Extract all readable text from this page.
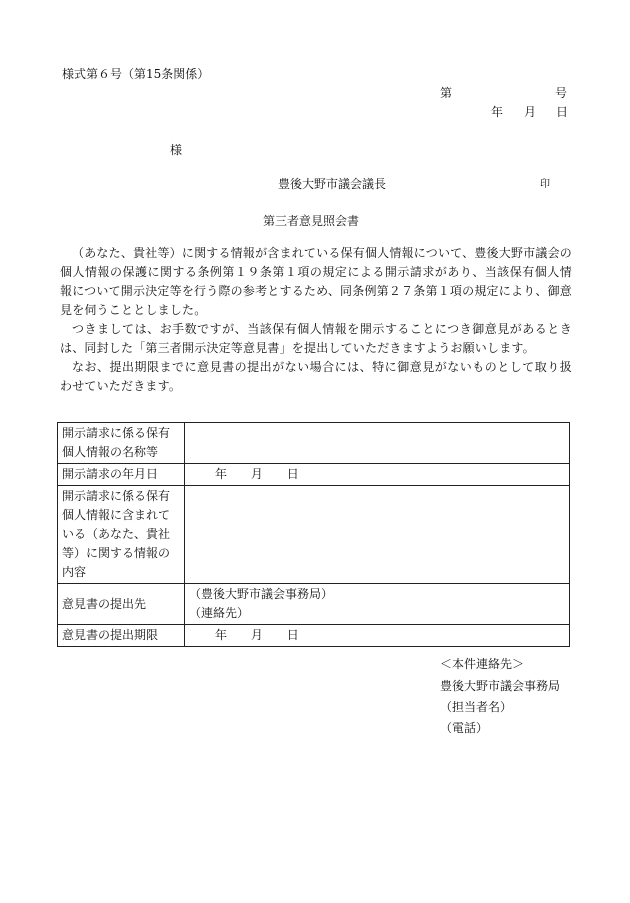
様式第６号（第15条関係）
第	号
年 月 日
様
豊後大野市議会議長	印
第三者意見照会書

（あなた、貴社等）に関する情報が含まれている保有個人情報について、豊後大野市議会の個人情報の保護に関する条例第１９条第１項の規定による開示請求があり、当該保有個人情報について開示決定等を行う際の参考とするため、同条例第２７条第１項の規定により、御意見を伺うこととしました。

つきましては、お手数ですが、当該保有個人情報を開示することにつき御意見があるときは、同封した「第三者開示決定等意見書」を提出していただきますようお願いします。

なお、提出期限までに意見書の提出がない場合には、特に御意見がないものとして取り扱わせていただきます。

開示請求に係る保有個人情報の名称等	
開示請求の年月日	年 月 日
開示請求に係る保有個人情報に含まれている（あなた、貴社等）に関する情報の内容	
意見書の提出先	（豊後大野市議会事務局）
（連絡先）

意見書の提出期限	年 月 日
＜本件連絡先＞
豊後大野市議会事務局
（担当者名）
（電話）
